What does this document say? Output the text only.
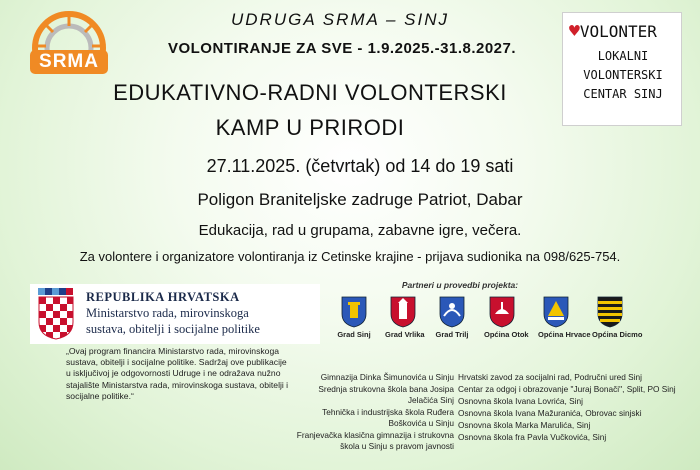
SRMA
UDRUGA SRMA – SINJ
VOLONTIRANJE ZA SVE - 1.9.2025.-31.8.2027.
♥VOLONTER
LOKALNI
VOLONTERSKI
CENTAR SINJ
EDUKATIVNO-RADNI VOLONTERSKI
KAMP U PRIRODI
27.11.2025. (četvrtak) od 14 do 19 sati
Poligon Braniteljske zadruge Patriot, Dabar
Edukacija, rad u grupama, zabavne igre, večera.
Za volontere i organizatore volontiranja iz Cetinske krajine - prijava sudionika na 098/625-754.
REPUBLIKA HRVATSKA
Ministarstvo rada, mirovinskoga
sustava, obitelji i socijalne politike
„Ovaj program financira Ministarstvo rada, mirovinskoga sustava, obitelji i socijalne politike. Sadržaj ove publikacije u isključivoj je odgovornosti Udruge i ne odražava nužno stajalište Ministarstva rada, mirovinskoga sustava, obitelji i socijalne politike.“
Partneri u provedbi projekta:
Grad Sinj Grad Vrlika Grad Trilj Općina Otok Općina Hrvace Općina Dicmo
Gimnazija Dinka Šimunovića u Sinju
Srednja strukovna škola bana Josipa Jelačića Sinj
Tehnička i industrijska škola Ruđera Boškovića u Sinju
Franjevačka klasična gimnazija i strukovna škola u Sinju s pravom javnosti
Hrvatski zavod za socijalni rad, Područni ured Sinj
Centar za odgoj i obrazovanje "Juraj Bonači", Split, PO Sinj
Osnovna škola Ivana Lovrića, Sinj
Osnovna škola Ivana Mažuranića, Obrovac sinjski
Osnovna škola Marka Marulića, Sinj
Osnovna škola fra Pavla Vučkovića, Sinj
